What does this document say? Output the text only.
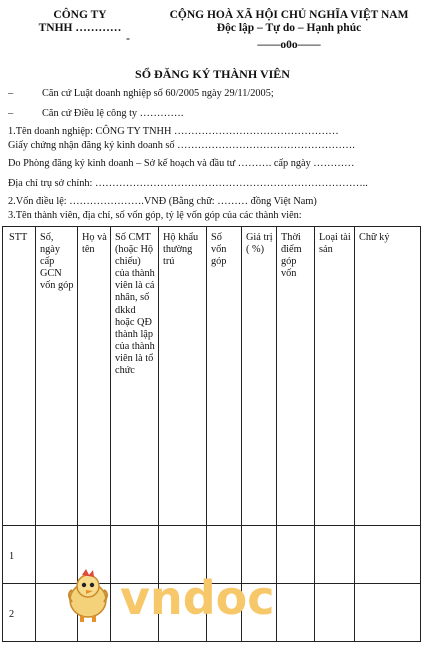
CÔNG TY
TNHH …………
-
CỘNG HOÀ XÃ HỘI CHỦ NGHĨA VIỆT NAM
Độc lập – Tự do – Hạnh phúc
——o0o——
SỔ ĐĂNG KÝ THÀNH VIÊN
–	Căn cứ Luật doanh nghiệp số 60/2005 ngày 29/11/2005;
–	Căn cứ Điều lệ công ty ………….
1.Tên doanh nghiệp: CÔNG TY TNHH …………………………………………
Giấy chứng nhận đăng ký kinh doanh số …………………………………………….
Do Phòng đăng ký kinh doanh – Sở kế hoạch và đầu tư ………. cấp ngày …………
Địa chỉ trụ sở chính: ……………………………………………………………………..
2.Vốn điều lệ: ………………….VNĐ (Bằng chữ: ……… đồng Việt Nam)
3.Tên thành viên, địa chỉ, số vốn góp, tỷ lệ vốn góp của các thành viên:
STT	Số, ngày cấp GCN vốn góp	Họ và tên	Số CMT (hoặc Hộ chiếu) của thành viên là cá nhân, số dkkd hoặc QĐ thành lập của thành viên là tổ chức	Hộ khẩu thường trú	Số vốn góp	Giá trị ( %)	Thời điểm góp vốn	Loại tài sản	Chữ ký
1									
2									vndoc
